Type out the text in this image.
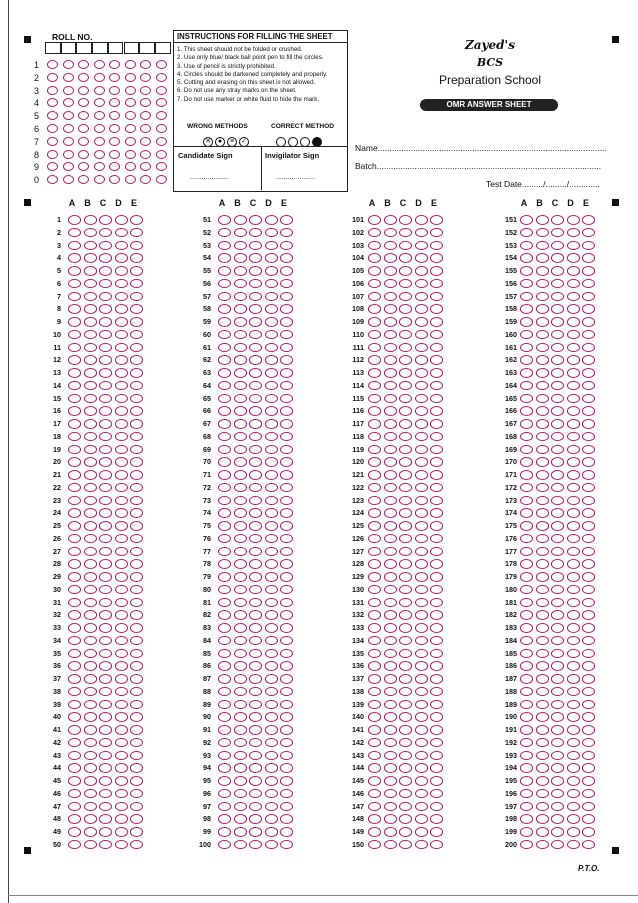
ROLL NO.
1
2
3
4
5
6
7
8
9
0
INSTRUCTIONS FOR FILLING THE SHEET
1. This sheet should not be folded or crushed.
2. Use only blue/ black ball point pen to fill the circles.
3. Use of pencil is strictly prohibited.
4. Circles should be darkened completely and properly.
5. Cutting and erasing on this sheet is not allowed.
6. Do not use any stray marks on the sheet.
7. Do not use marker or white fluid to hide the mark.
WRONG METHODS	CORRECT METHOD
✕ ● ≡ ✓
Candidate Sign	Invigilator Sign
....................	....................
Zayed's
BCS
Preparation School
OMR ANSWER SHEET
Name.................................................................................................
Batch...............................................................................................
Test Date........./........./.............
A	B	C	D	E
1
2
3
4
5
6
7
8
9
10
11
12
13
14
15
16
17
18
19
20
21
22
23
24
25
26
27
28
29
30
31
32
33
34
35
36
37
38
39
40
41
42
43
44
45
46
47
48
49
50
A	B	C	D	E
51
52
53
54
55
56
57
58
59
60
61
62
63
64
65
66
67
68
69
70
71
72
73
74
75
76
77
78
79
80
81
82
83
84
85
86
87
88
89
90
91
92
93
94
95
96
97
98
99
100
A	B	C	D	E
101
102
103
104
105
106
107
108
109
110
111
112
113
114
115
116
117
118
119
120
121
122
123
124
125
126
127
128
129
130
131
132
133
134
135
136
137
138
139
140
141
142
143
144
145
146
147
148
149
150
A	B	C	D	E
151
152
153
154
155
156
157
158
159
160
161
162
163
164
165
166
167
168
169
170
171
172
173
174
175
176
177
178
179
180
181
182
183
184
185
186
187
188
189
190
191
192
193
194
195
196
197
198
199
200
P.T.O.
